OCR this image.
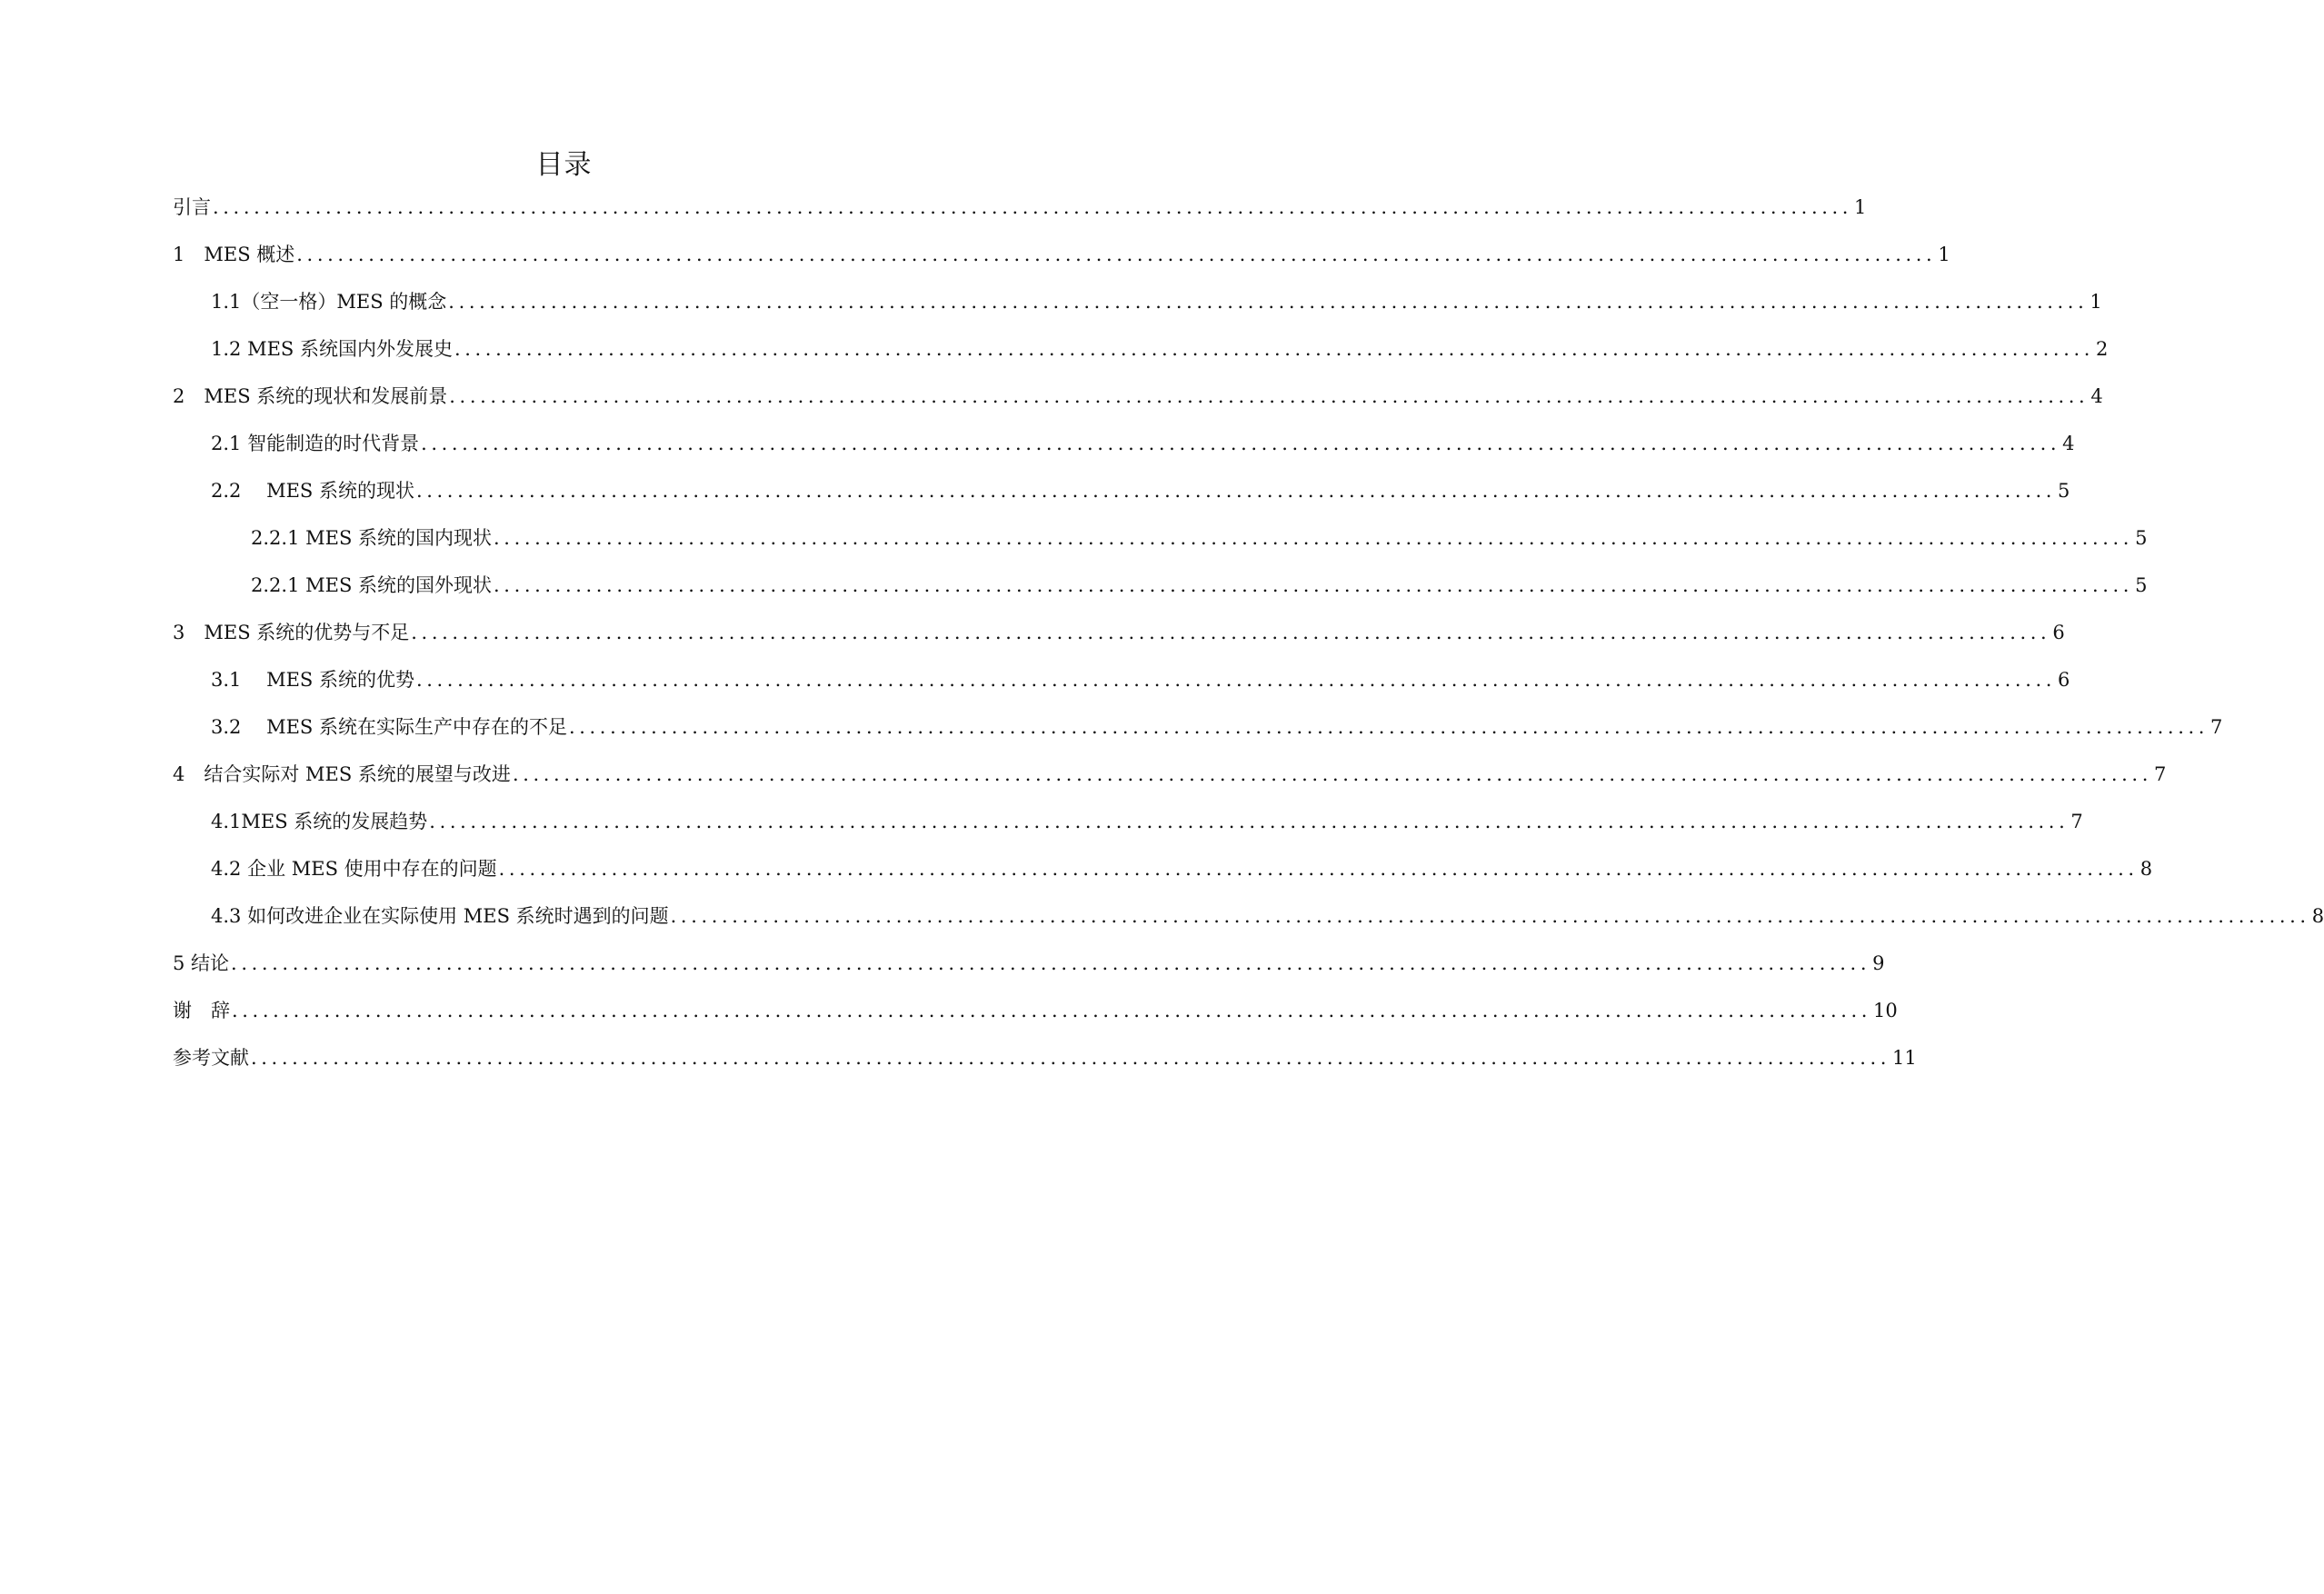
目录
引言 ................................................................................................................................................................ 1
1　MES 概述 ................................................................................................................................................................ 1
1.1（空一格）MES 的概念 ................................................................................................................................................................ 1
1.2 MES 系统国内外发展史 ................................................................................................................................................................ 2
2　MES 系统的现状和发展前景 ................................................................................................................................................................ 4
2.1 智能制造的时代背景 ................................................................................................................................................................ 4
2.2　 MES 系统的现状 ................................................................................................................................................................ 5
2.2.1 MES 系统的国内现状 ................................................................................................................................................................ 5
2.2.1 MES 系统的国外现状 ................................................................................................................................................................ 5
3　MES 系统的优势与不足 ................................................................................................................................................................ 6
3.1　 MES 系统的优势 ................................................................................................................................................................ 6
3.2　 MES 系统在实际生产中存在的不足 ................................................................................................................................................................ 7
4　结合实际对 MES 系统的展望与改进 ................................................................................................................................................................ 7
4.1MES 系统的发展趋势 ................................................................................................................................................................ 7
4.2 企业 MES 使用中存在的问题 ................................................................................................................................................................ 8
4.3 如何改进企业在实际使用 MES 系统时遇到的问题 ................................................................................................................................................................ 8
5 结论 ................................................................................................................................................................ 9
谢　辞 ................................................................................................................................................................ 10
参考文献 ................................................................................................................................................................ 11
